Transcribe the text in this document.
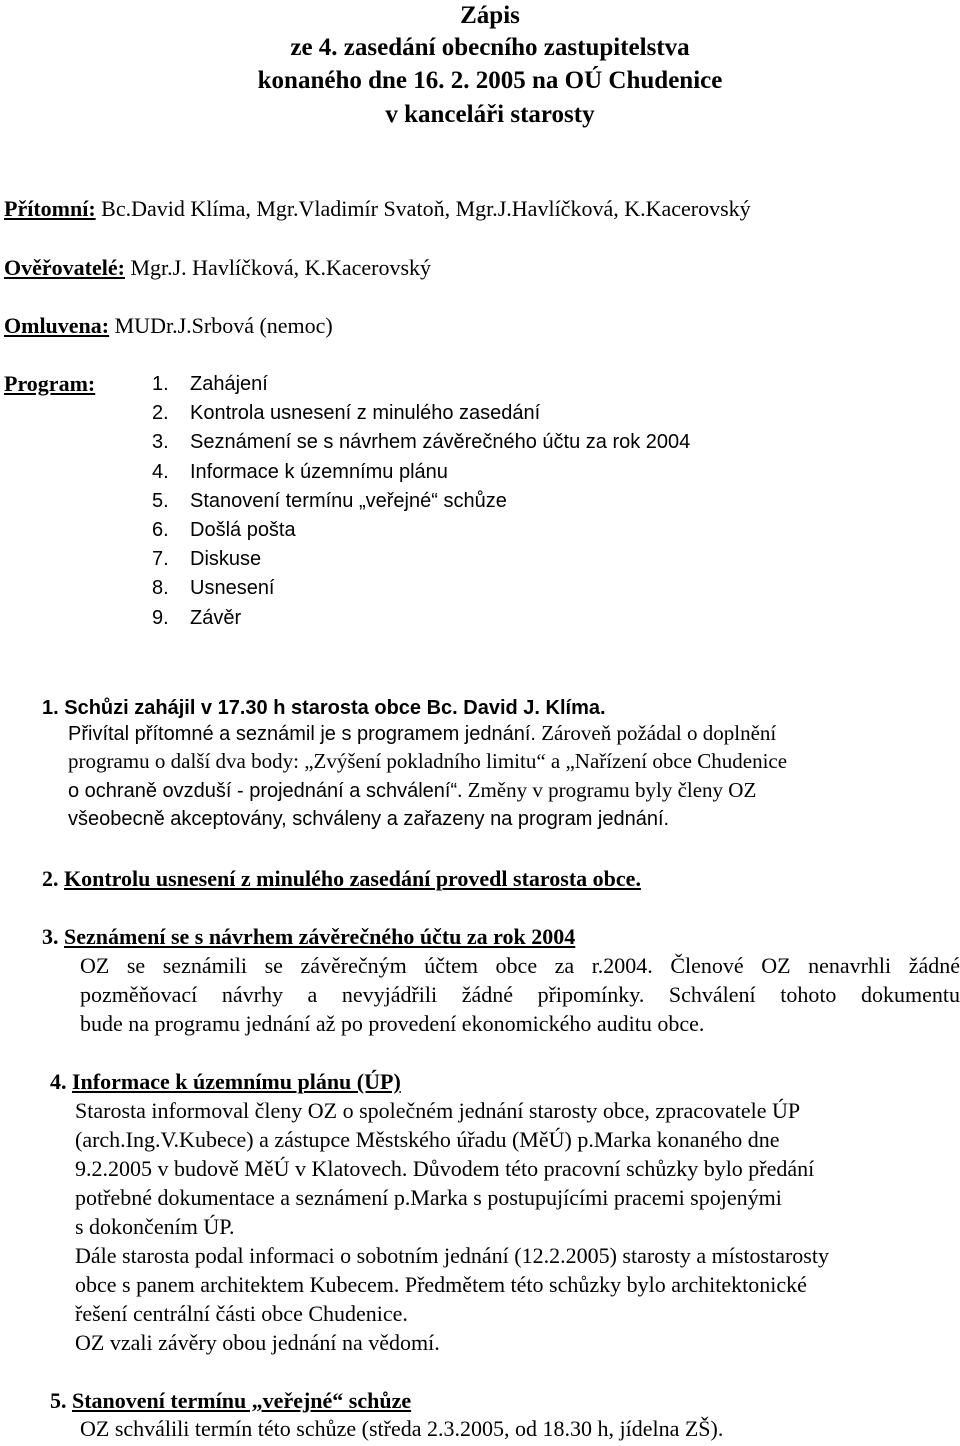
Zápis
ze 4. zasedání obecního zastupitelstva
konaného dne 16. 2. 2005 na OÚ Chudenice
v kanceláři starosty
Přítomní: Bc.David Klíma, Mgr.Vladimír Svatoň, Mgr.J.Havlíčková, K.Kacerovský
Ověřovatelé: Mgr.J. Havlíčková, K.Kacerovský
Omluvena: MUDr.J.Srbová (nemoc)
Program:	1. Zahájení
2. Kontrola usnesení z minulého zasedání
3. Seznámení se s návrhem závěrečného účtu za rok 2004
4. Informace k územnímu plánu
5. Stanovení termínu „veřejné“ schůze
6. Došlá pošta
7. Diskuse
8. Usnesení
9. Závěr
1. Schůzi zahájil v 17.30 h starosta obce Bc. David J. Klíma.
Přivítal přítomné a seznámil je s programem jednání. Zároveň požádal o doplnění
programu o další dva body: „Zvýšení pokladního limitu“ a „Nařízení obce Chudenice
o ochraně ovzduší - projednání a schválení“. Změny v programu byly členy OZ
všeobecně akceptovány, schváleny a zařazeny na program jednání.
2. Kontrolu usnesení z minulého zasedání provedl starosta obce.
3. Seznámení se s návrhem závěrečného účtu za rok 2004
OZ se seznámili se závěrečným účtem obce za r.2004. Členové OZ nenavrhli žádné
pozměňovací návrhy a nevyjádřili žádné připomínky. Schválení tohoto dokumentu
bude na programu jednání až po provedení ekonomického auditu obce.
4. Informace k územnímu plánu (ÚP)
Starosta informoval členy OZ o společném jednání starosty obce, zpracovatele ÚP
(arch.Ing.V.Kubece) a zástupce Městského úřadu (MěÚ) p.Marka konaného dne
9.2.2005 v budově MěÚ v Klatovech. Důvodem této pracovní schůzky bylo předání
potřebné dokumentace a seznámení p.Marka s postupujícími pracemi spojenými
s dokončením ÚP.
Dále starosta podal informaci o sobotním jednání (12.2.2005) starosty a místostarosty
obce s panem architektem Kubecem. Předmětem této schůzky bylo architektonické
řešení centrální části obce Chudenice.
OZ vzali závěry obou jednání na vědomí.
5. Stanovení termínu „veřejné“ schůze
OZ schválili termín této schůze (středa 2.3.2005, od 18.30 h, jídelna ZŠ).
